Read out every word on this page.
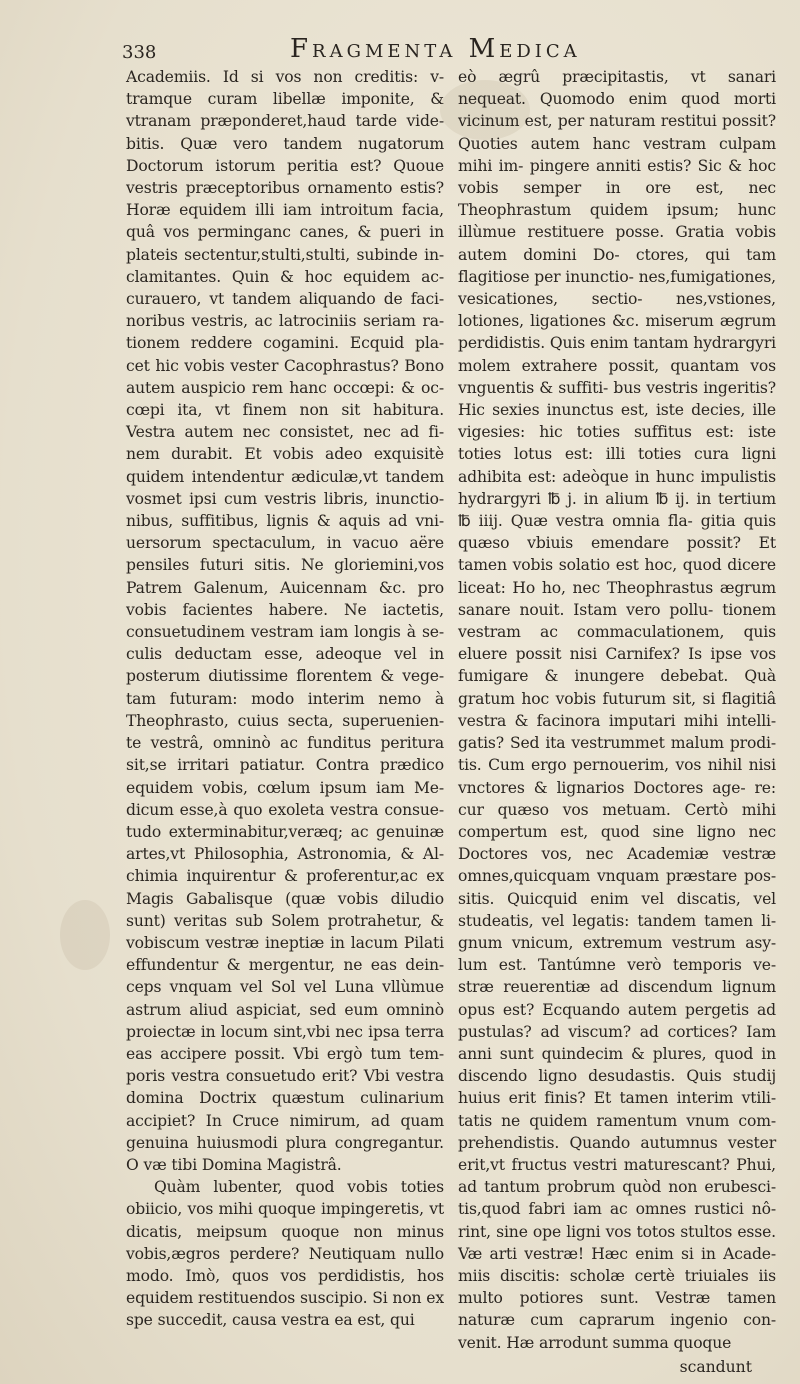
338	Fragmenta Medica

Academiis. Id si vos non creditis: v- tramque curam libellæ imponite, & vtranam præponderet,haud tarde vide- bitis. Quæ vero tandem nugatorum Doctorum istorum peritia est? Quoue vestris præceptoribus ornamento estis? Horæ equidem illi iam introitum facia, quâ vos perminganc canes, & pueri in plateis sectentur,stulti,stulti, subinde in- clamitantes. Quin & hoc equidem ac- curauero, vt tandem aliquando de faci- noribus vestris, ac latrociniis seriam ra- tionem reddere cogamini. Ecquid pla- cet hic vobis vester Cacophrastus? Bono autem auspicio rem hanc occœpi: & oc- cœpi ita, vt finem non sit habitura. Vestra autem nec consistet, nec ad fi- nem durabit. Et vobis adeo exquisitè quidem intendentur ædiculæ,vt tandem vosmet ipsi cum vestris libris, inunctio- nibus, suffitibus, lignis & aquis ad vni- uersorum spectaculum, in vacuo aëre pensiles futuri sitis. Ne gloriemini,vos Patrem Galenum, Auicennam &c. pro vobis facientes habere. Ne iactetis, consuetudinem vestram iam longis à se- culis deductam esse, adeoque vel in posterum diutissime florentem & vege- tam futuram: modo interim nemo à Theophrasto, cuius secta, superuenien- te vestrâ, omninò ac funditus peritura sit,se irritari patiatur. Contra prædico equidem vobis, cœlum ipsum iam Me- dicum esse,à quo exoleta vestra consue- tudo exterminabitur,veræq; ac genuinæ artes,vt Philosophia, Astronomia, & Al- chimia inquirentur & proferentur,ac ex Magis Gabalisque (quæ vobis diludio sunt) veritas sub Solem protrahetur, & vobiscum vestræ ineptiæ in lacum Pilati effundentur & mergentur, ne eas dein- ceps vnquam vel Sol vel Luna vllùmue astrum aliud aspiciat, sed eum omninò proiectæ in locum sint,vbi nec ipsa terra eas accipere possit. Vbi ergò tum tem- poris vestra consuetudo erit? Vbi vestra domina Doctrix quæstum culinarium accipiet? In Cruce nimirum, ad quam genuina huiusmodi plura congregantur. O væ tibi Domina Magistrâ.

Quàm lubenter, quod vobis toties obiicio, vos mihi quoque impingeretis, vt dicatis, meipsum quoque non minus vobis,ægros perdere? Neutiquam nullo modo. Imò, quos vos perdidistis, hos equidem restituendos suscipio. Si non ex spe succedit, causa vestra ea est, qui

eò ægrû præcipitastis, vt sanari nequeat. Quomodo enim quod morti vicinum est, per naturam restitui possit? Quoties autem hanc vestram culpam mihi im- pingere anniti estis? Sic & hoc vobis semper in ore est, nec Theophrastum quidem ipsum; hunc illùmue restituere posse. Gratia vobis autem domini Do- ctores, qui tam flagitiose per inunctio- nes,fumigationes, vesicationes, sectio- nes,vstiones, lotiones, ligationes &c. miserum ægrum perdidistis. Quis enim tantam hydrargyri molem extrahere possit, quantam vos vnguentis & suffiti- bus vestris ingeritis? Hic sexies inunctus est, iste decies, ille vigesies: hic toties suffitus est: iste toties lotus est: illi toties cura ligni adhibita est: adeòque in hunc impulistis hydrargyri ℔ j. in alium ℔ ij. in tertium ℔ iiij. Quæ vestra omnia fla- gitia quis quæso vbiuis emendare possit? Et tamen vobis solatio est hoc, quod dicere liceat: Ho ho, nec Theophrastus ægrum sanare nouit. Istam vero pollu- tionem vestram ac commaculationem, quis eluere possit nisi Carnifex? Is ipse vos fumigare & inungere debebat. Quà gratum hoc vobis futurum sit, si flagitiâ vestra & facinora imputari mihi intelli- gatis? Sed ita vestrummet malum prodi- tis. Cum ergo pernouerim, vos nihil nisi vnctores & lignarios Doctores age- re: cur quæso vos metuam. Certò mihi compertum est, quod sine ligno nec Doctores vos, nec Academiæ vestræ omnes,quicquam vnquam præstare pos- sitis. Quicquid enim vel discatis, vel studeatis, vel legatis: tandem tamen li- gnum vnicum, extremum vestrum asy- lum est. Tantúmne verò temporis ve- stræ reuerentiæ ad discendum lignum opus est? Ecquando autem pergetis ad pustulas? ad viscum? ad cortices? Iam anni sunt quindecim & plures, quod in discendo ligno desudastis. Quis studij huius erit finis? Et tamen interim vtili- tatis ne quidem ramentum vnum com- prehendistis. Quando autumnus vester erit,vt fructus vestri maturescant? Phui, ad tantum probrum quòd non erubesci- tis,quod fabri iam ac omnes rustici nô- rint, sine ope ligni vos totos stultos esse. Væ arti vestræ! Hæc enim si in Acade- miis discitis: scholæ certè triuiales iis multo potiores sunt. Vestræ tamen naturæ cum caprarum ingenio con- venit. Hæ arrodunt summa quoque

scandunt
